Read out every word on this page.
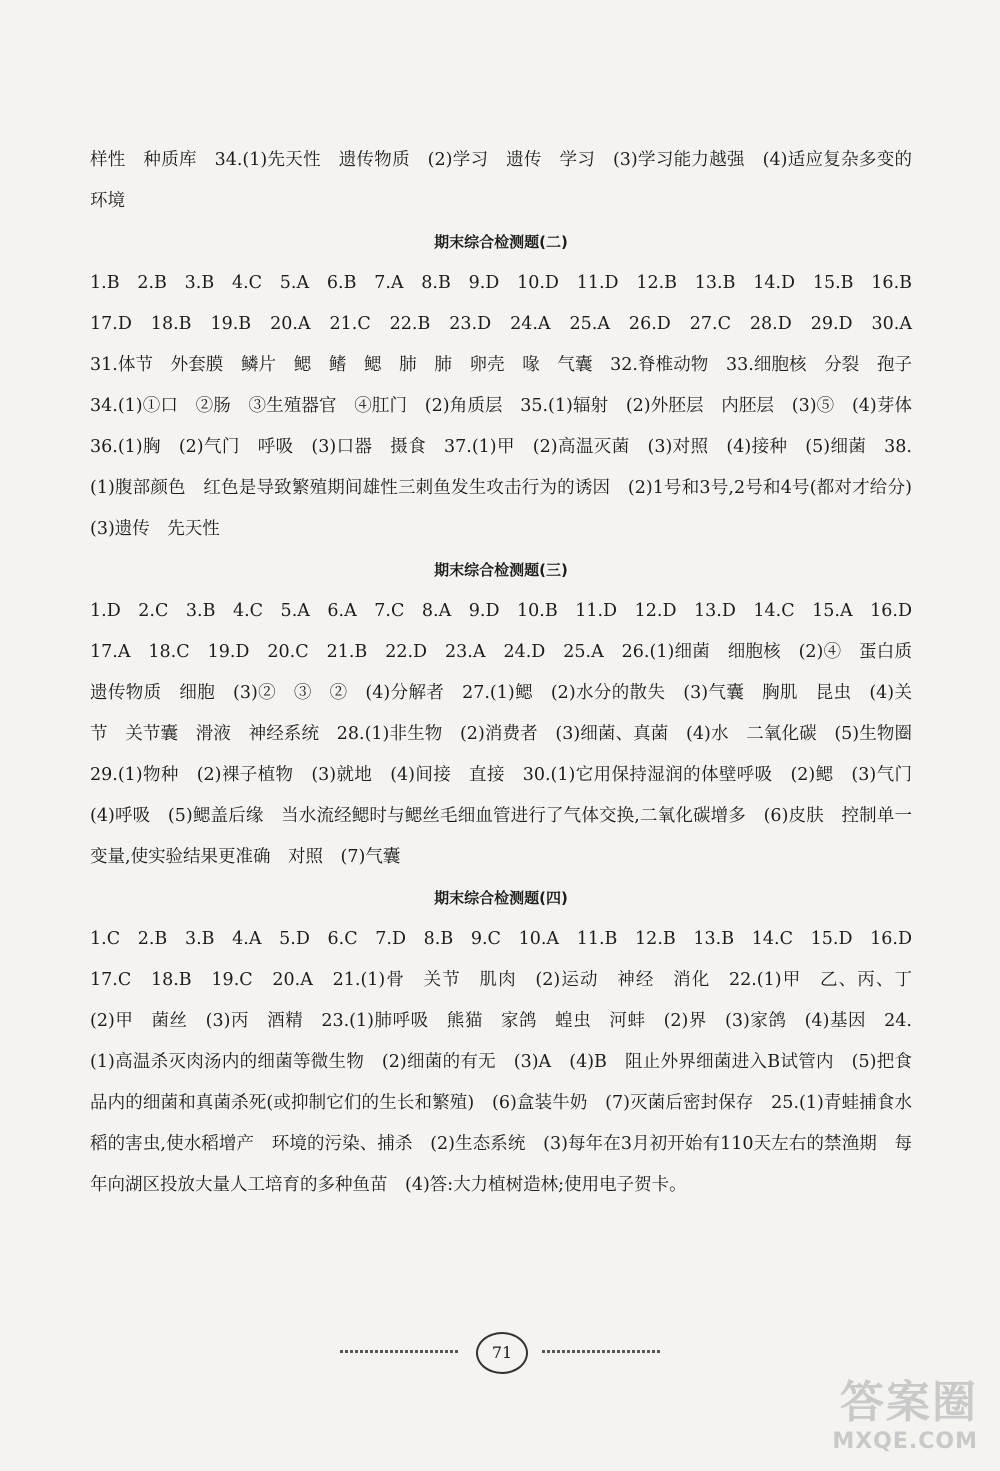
样性　种质库　34.(1)先天性　遗传物质　(2)学习　遗传　学习　(3)学习能力越强　(4)适应复杂多变的环境

期末综合检测题(二)

1.B　2.B　3.B　4.C　5.A　6.B　7.A　8.B　9.D　10.D　11.D　12.B　13.B　14.D　15.B　16.B　17.D　18.B　19.B　20.A　21.C　22.B　23.D　24.A　25.A　26.D　27.C　28.D　29.D　30.A　31.体节　外套膜　鳞片　鳃　鳍　鳃　肺　肺　卵壳　喙　气囊　32.脊椎动物　33.细胞核　分裂　孢子　34.(1)①口　②肠　③生殖器官　④肛门　(2)角质层　35.(1)辐射　(2)外胚层　内胚层　(3)⑤　(4)芽体　36.(1)胸　(2)气门　呼吸　(3)口器　摄食　37.(1)甲　(2)高温灭菌　(3)对照　(4)接种　(5)细菌　38.(1)腹部颜色　红色是导致繁殖期间雄性三刺鱼发生攻击行为的诱因　(2)1号和3号,2号和4号(都对才给分)　(3)遗传　先天性

期末综合检测题(三)

1.D　2.C　3.B　4.C　5.A　6.A　7.C　8.A　9.D　10.B　11.D　12.D　13.D　14.C　15.A　16.D　17.A　18.C　19.D　20.C　21.B　22.D　23.A　24.D　25.A　26.(1)细菌　细胞核　(2)④　蛋白质　遗传物质　细胞　(3)②　③　②　(4)分解者　27.(1)鳃　(2)水分的散失　(3)气囊　胸肌　昆虫　(4)关节　关节囊　滑液　神经系统　28.(1)非生物　(2)消费者　(3)细菌、真菌　(4)水　二氧化碳　(5)生物圈　29.(1)物种　(2)裸子植物　(3)就地　(4)间接　直接　30.(1)它用保持湿润的体壁呼吸　(2)鳃　(3)气门　(4)呼吸　(5)鳃盖后缘　当水流经鳃时与鳃丝毛细血管进行了气体交换,二氧化碳增多　(6)皮肤　控制单一变量,使实验结果更准确　对照　(7)气囊

期末综合检测题(四)

1.C　2.B　3.B　4.A　5.D　6.C　7.D　8.B　9.C　10.A　11.B　12.B　13.B　14.C　15.D　16.D　17.C　18.B　19.C　20.A　21.(1)骨　关节　肌肉　(2)运动　神经　消化　22.(1)甲　乙、丙、丁　(2)甲　菌丝　(3)丙　酒精　23.(1)肺呼吸　熊猫　家鸽　蝗虫　河蚌　(2)界　(3)家鸽　(4)基因　24.(1)高温杀灭肉汤内的细菌等微生物　(2)细菌的有无　(3)A　(4)B　阻止外界细菌进入B试管内　(5)把食品内的细菌和真菌杀死(或抑制它们的生长和繁殖)　(6)盒装牛奶　(7)灭菌后密封保存　25.(1)青蛙捕食水稻的害虫,使水稻增产　环境的污染、捕杀　(2)生态系统　(3)每年在3月初开始有110天左右的禁渔期　每年向湖区投放大量人工培育的多种鱼苗　(4)答:大力植树造林;使用电子贺卡。

71
答案圈
MXQE.COM
